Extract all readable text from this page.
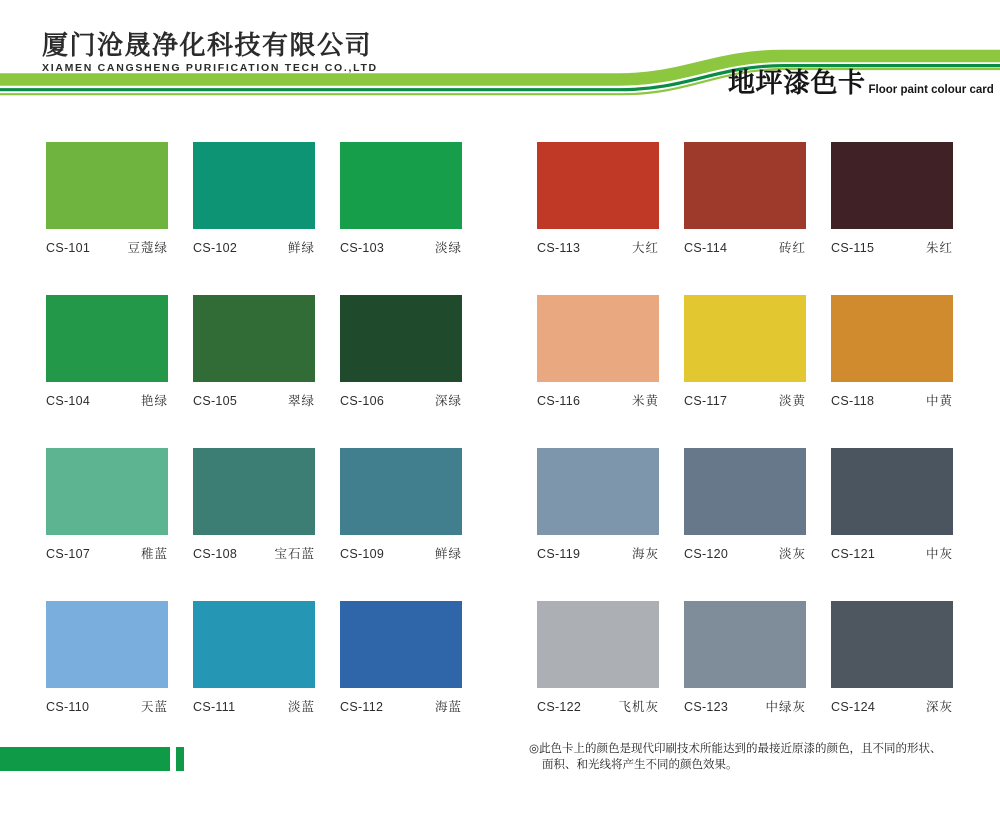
厦门沧晟净化科技有限公司
XIAMEN CANGSHENG PURIFICATION TECH CO.,LTD	地坪漆色卡 Floor paint colour card
CS-101	豆蔻绿 CS-102	鲜绿 CS-103	淡绿
CS-104	艳绿 CS-105	翠绿 CS-106	深绿
CS-107	稚蓝 CS-108	宝石蓝 CS-109	鲜绿
CS-110	天蓝 CS-111	淡蓝 CS-112	海蓝
CS-113	大红 CS-114	砖红 CS-115	朱红
CS-116	米黄 CS-117	淡黄 CS-118	中黄
CS-119	海灰 CS-120	淡灰 CS-121	中灰
CS-122	飞机灰 CS-123	中绿灰 CS-124	深灰
◎此色卡上的颜色是现代印刷技术所能达到的最接近原漆的颜色，且不同的形状、
面积、和光线将产生不同的颜色效果。
